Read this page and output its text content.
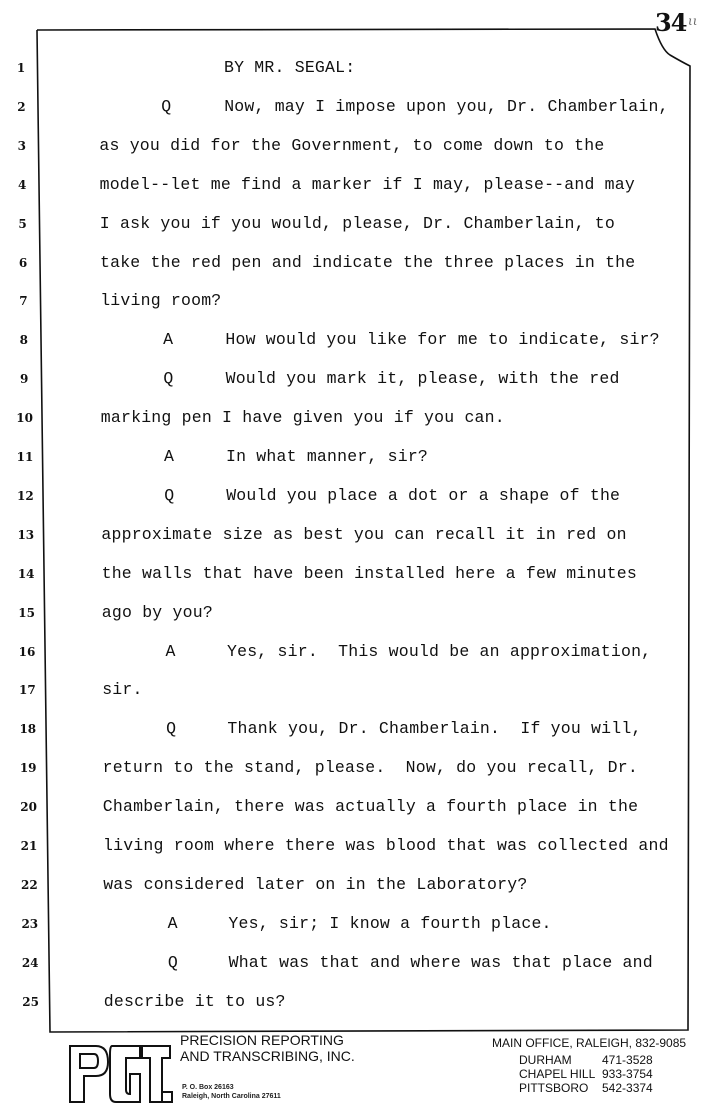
34 ιι
1	BY MR. SEGAL:
2	Q	Now, may I impose upon you, Dr. Chamberlain,
3	as you did for the Government, to come down to the
4	model--let me find a marker if I may, please--and may
5	I ask you if you would, please, Dr. Chamberlain, to
6	take the red pen and indicate the three places in the
7	living room?
8	A	How would you like for me to indicate, sir?
9	Q	Would you mark it, please, with the red
10	marking pen I have given you if you can.
11	A	In what manner, sir?
12	Q	Would you place a dot or a shape of the
13	approximate size as best you can recall it in red on
14	the walls that have been installed here a few minutes
15	ago by you?
16	A	Yes, sir.  This would be an approximation,
17	sir.
18	Q	Thank you, Dr. Chamberlain.  If you will,
19	return to the stand, please.  Now, do you recall, Dr.
20	Chamberlain, there was actually a fourth place in the
21	living room where there was blood that was collected and
22	was considered later on in the Laboratory?
23	A	Yes, sir; I know a fourth place.
24	Q	What was that and where was that place and
25	describe it to us?
PRECISION REPORTING
AND TRANSCRIBING, INC.
P. O. Box 26163
Raleigh, North Carolina 27611
MAIN OFFICE, RALEIGH, 832-9085
DURHAM	471-3528
CHAPEL HILL 933-3754
PITTSBORO 542-3374
